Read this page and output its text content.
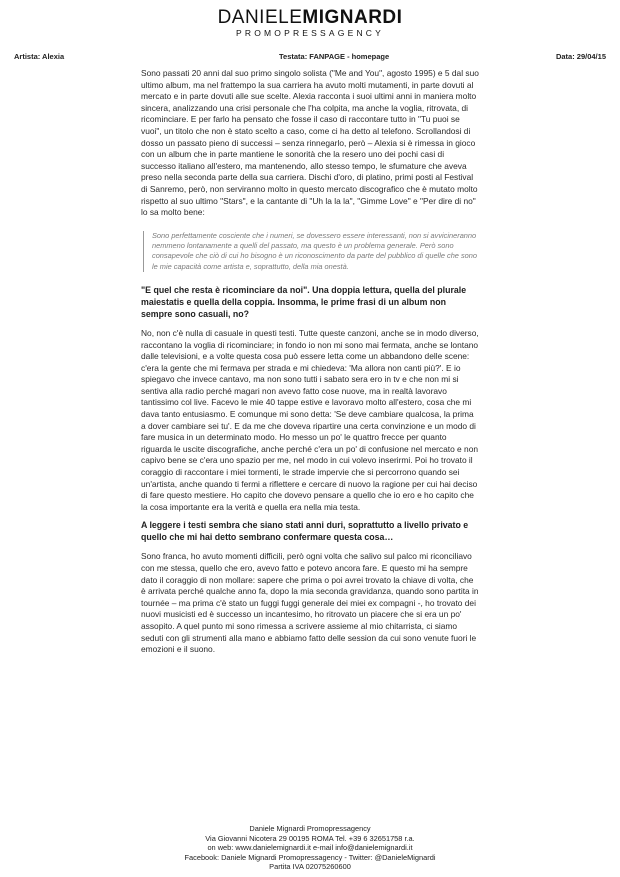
DANIELEMIGNARDI
PROMOPRESSAGENCY
Artista: Alexia	Testata: FANPAGE - homepage	Data: 29/04/15

Sono passati 20 anni dal suo primo singolo solista ("Me and You", agosto 1995) e 5 dal suo ultimo album, ma nel frattempo la sua carriera ha avuto molti mutamenti, in parte dovuti al mercato e in parte dovuti alle sue scelte. Alexia racconta i suoi ultimi anni in maniera molto sincera, analizzando una crisi personale che l'ha colpita, ma anche la voglia, ritrovata, di ricominciare. E per farlo ha pensato che fosse il caso di raccontare tutto in "Tu puoi se vuoi", un titolo che non è stato scelto a caso, come ci ha detto al telefono. Scrollandosi di dosso un passato pieno di successi – senza rinnegarlo, però – Alexia si è rimessa in gioco con un album che in parte mantiene le sonorità che la resero uno dei pochi casi di successo italiano all'estero, ma mantenendo, allo stesso tempo, le sfumature che aveva preso nella seconda parte della sua carriera. Dischi d'oro, di platino, primi posti al Festival di Sanremo, però, non serviranno molto in questo mercato discografico che è mutato molto rispetto al suo ultimo "Stars", e la cantante di "Uh la la la", "Gimme Love" e "Per dire di no" lo sa molto bene:

Sono perfettamente cosciente che i numeri, se dovessero essere interessanti, non si avvicineranno nemmeno lontanamente a quelli del passato, ma questo è un problema generale. Però sono consapevole che ciò di cui ho bisogno è un riconoscimento da parte del pubblico di quelle che sono le mie capacità come artista e, soprattutto, della mia onestà.
"E quel che resta è ricominciare da noi". Una doppia lettura, quella del plurale maiestatis e quella della coppia. Insomma, le prime frasi di un album non sempre sono casuali, no?

No, non c'è nulla di casuale in questi testi. Tutte queste canzoni, anche se in modo diverso, raccontano la voglia di ricominciare; in fondo io non mi sono mai fermata, anche se lontano dalle televisioni, e a volte questa cosa può essere letta come un abbandono delle scene: c'era la gente che mi fermava per strada e mi chiedeva: 'Ma allora non canti più?'. E io spiegavo che invece cantavo, ma non sono tutti i sabato sera ero in tv e che non mi si sentiva alla radio perché magari non avevo fatto cose nuove, ma in realtà lavoravo tantissimo col live. Facevo le mie 40 tappe estive e lavoravo molto all'estero, cosa che mi dava tanto entusiasmo. E comunque mi sono detta: 'Se deve cambiare qualcosa, la prima a dover cambiare sei tu'. E da me che doveva ripartire una certa convinzione e un modo di fare musica in un determinato modo. Ho messo un po' le quattro frecce per quanto riguarda le uscite discografiche, anche perché c'era un po' di confusione nel mercato e non capivo bene se c'era uno spazio per me, nel modo in cui volevo inserirmi. Poi ho trovato il coraggio di raccontare i miei tormenti, le strade impervie che si percorrono quando sei un'artista, anche quando ti fermi a riflettere e cercare di nuovo la ragione per cui hai deciso di fare questo mestiere. Ho capito che dovevo pensare a quello che io ero e ho capito che la cosa importante era la verità e quella era nella mia testa.

A leggere i testi sembra che siano stati anni duri, soprattutto a livello privato e quello che mi hai detto sembrano confermare questa cosa…

Sono franca, ho avuto momenti difficili, però ogni volta che salivo sul palco mi riconciliavo con me stessa, quello che ero, avevo fatto e potevo ancora fare. E questo mi ha sempre dato il coraggio di non mollare: sapere che prima o poi avrei trovato la chiave di volta, che è arrivata perché qualche anno fa, dopo la mia seconda gravidanza, quando sono partita in tournée – ma prima c'è stato un fuggi fuggi generale dei miei ex compagni -, ho trovato dei nuovi musicisti ed è successo un incantesimo, ho ritrovato un piacere che si era un po' assopito. A quel punto mi sono rimessa a scrivere assieme al mio chitarrista, ci siamo seduti con gli strumenti alla mano e abbiamo fatto delle session da cui sono venute fuori le emozioni e il suono.

Daniele Mignardi Promopressagency
Via Giovanni Nicotera 29 00195 ROMA Tel. +39 6 32651758 r.a.
on web: www.danielemignardi.it e-mail info@danielemignardi.it
Facebook: Daniele Mignardi Promopressagency - Twitter: @DanieleMignardi
Partita IVA 02075260600
